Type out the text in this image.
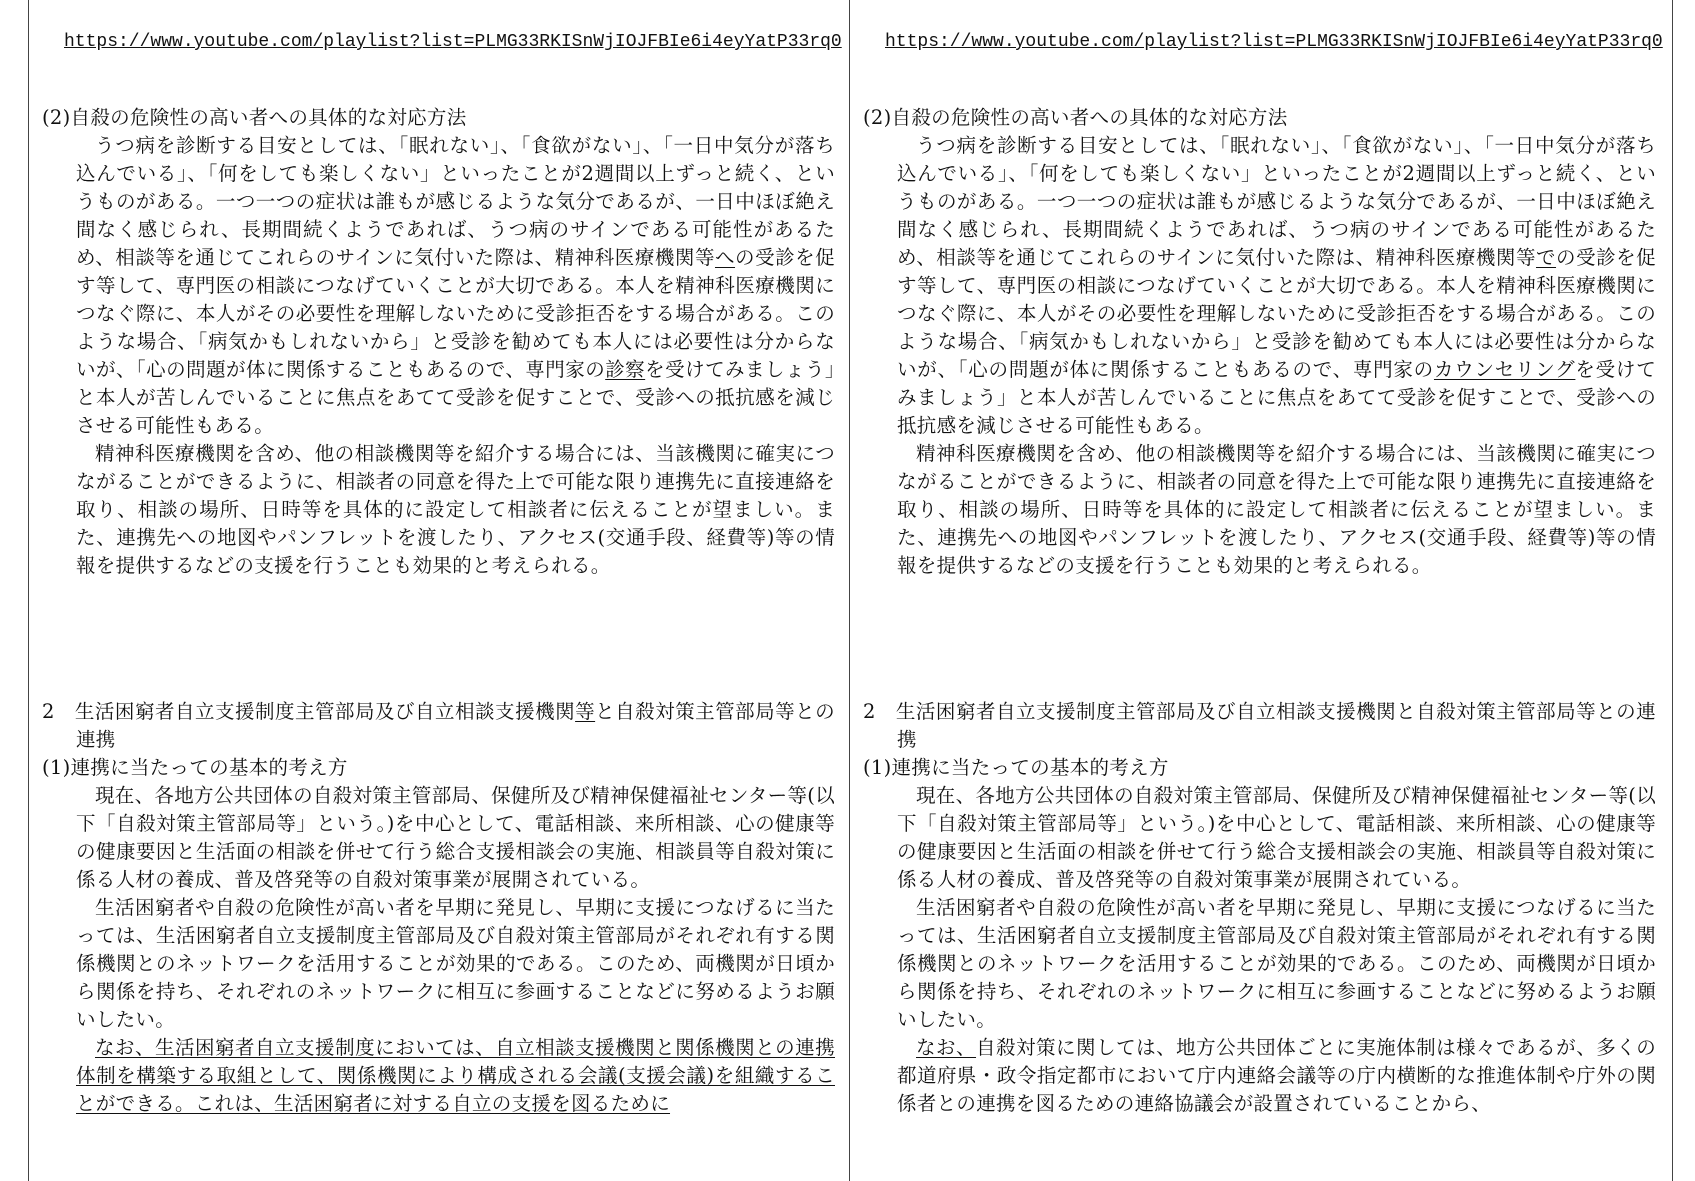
https://www.youtube.com/playlist?list=PLMG33RKISnWjIOJFBIe6i4eyYatP33rq0

(2)自殺の危険性の高い者への具体的な対応方法

うつ病を診断する目安としては、「眠れない」、「食欲がない」、「一日中気分が落ち込んでいる」、「何をしても楽しくない」といったことが2週間以上ずっと続く、というものがある。一つ一つの症状は誰もが感じるような気分であるが、一日中ほぼ絶え間なく感じられ、長期間続くようであれば、うつ病のサインである可能性があるため、相談等を通じてこれらのサインに気付いた際は、精神科医療機関等への受診を促す等して、専門医の相談につなげていくことが大切である。本人を精神科医療機関につなぐ際に、本人がその必要性を理解しないために受診拒否をする場合がある。このような場合、「病気かもしれないから」と受診を勧めても本人には必要性は分からないが、「心の問題が体に関係することもあるので、専門家の診察を受けてみましょう」と本人が苦しんでいることに焦点をあてて受診を促すことで、受診への抵抗感を減じさせる可能性もある。

精神科医療機関を含め、他の相談機関等を紹介する場合には、当該機関に確実につながることができるように、相談者の同意を得た上で可能な限り連携先に直接連絡を取り、相談の場所、日時等を具体的に設定して相談者に伝えることが望ましい。また、連携先への地図やパンフレットを渡したり、アクセス(交通手段、経費等)等の情報を提供するなどの支援を行うことも効果的と考えられる。

2　生活困窮者自立支援制度主管部局及び自立相談支援機関等と自殺対策主管部局等との連携

(1)連携に当たっての基本的考え方

現在、各地方公共団体の自殺対策主管部局、保健所及び精神保健福祉センター等(以下「自殺対策主管部局等」という。)を中心として、電話相談、来所相談、心の健康等の健康要因と生活面の相談を併せて行う総合支援相談会の実施、相談員等自殺対策に係る人材の養成、普及啓発等の自殺対策事業が展開されている。

生活困窮者や自殺の危険性が高い者を早期に発見し、早期に支援につなげるに当たっては、生活困窮者自立支援制度主管部局及び自殺対策主管部局がそれぞれ有する関係機関とのネットワークを活用することが効果的である。このため、両機関が日頃から関係を持ち、それぞれのネットワークに相互に参画することなどに努めるようお願いしたい。

なお、生活困窮者自立支援制度においては、自立相談支援機関と関係機関との連携体制を構築する取組として、関係機関により構成される会議(支援会議)を組織することができる。これは、生活困窮者に対する自立の支援を図るために

https://www.youtube.com/playlist?list=PLMG33RKISnWjIOJFBIe6i4eyYatP33rq0

(2)自殺の危険性の高い者への具体的な対応方法

うつ病を診断する目安としては、「眠れない」、「食欲がない」、「一日中気分が落ち込んでいる」、「何をしても楽しくない」といったことが2週間以上ずっと続く、というものがある。一つ一つの症状は誰もが感じるような気分であるが、一日中ほぼ絶え間なく感じられ、長期間続くようであれば、うつ病のサインである可能性があるため、相談等を通じてこれらのサインに気付いた際は、精神科医療機関等での受診を促す等して、専門医の相談につなげていくことが大切である。本人を精神科医療機関につなぐ際に、本人がその必要性を理解しないために受診拒否をする場合がある。このような場合、「病気かもしれないから」と受診を勧めても本人には必要性は分からないが、「心の問題が体に関係することもあるので、専門家のカウンセリングを受けてみましょう」と本人が苦しんでいることに焦点をあてて受診を促すことで、受診への抵抗感を減じさせる可能性もある。

精神科医療機関を含め、他の相談機関等を紹介する場合には、当該機関に確実につながることができるように、相談者の同意を得た上で可能な限り連携先に直接連絡を取り、相談の場所、日時等を具体的に設定して相談者に伝えることが望ましい。また、連携先への地図やパンフレットを渡したり、アクセス(交通手段、経費等)等の情報を提供するなどの支援を行うことも効果的と考えられる。

2　生活困窮者自立支援制度主管部局及び自立相談支援機関と自殺対策主管部局等との連携

(1)連携に当たっての基本的考え方

現在、各地方公共団体の自殺対策主管部局、保健所及び精神保健福祉センター等(以下「自殺対策主管部局等」という。)を中心として、電話相談、来所相談、心の健康等の健康要因と生活面の相談を併せて行う総合支援相談会の実施、相談員等自殺対策に係る人材の養成、普及啓発等の自殺対策事業が展開されている。

生活困窮者や自殺の危険性が高い者を早期に発見し、早期に支援につなげるに当たっては、生活困窮者自立支援制度主管部局及び自殺対策主管部局がそれぞれ有する関係機関とのネットワークを活用することが効果的である。このため、両機関が日頃から関係を持ち、それぞれのネットワークに相互に参画することなどに努めるようお願いしたい。

なお、自殺対策に関しては、地方公共団体ごとに実施体制は様々であるが、多くの都道府県・政令指定都市において庁内連絡会議等の庁内横断的な推進体制や庁外の関係者との連携を図るための連絡協議会が設置されていることから、
